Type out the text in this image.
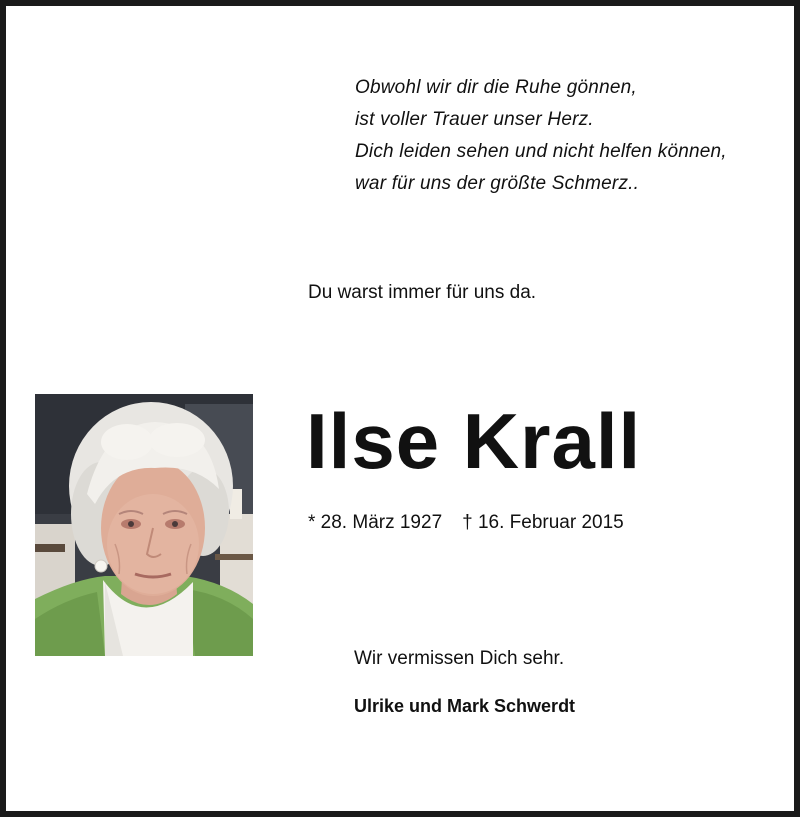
Obwohl wir dir die Ruhe gönnen,
ist voller Trauer unser Herz.
Dich leiden sehen und nicht helfen können,
war für uns der größte Schmerz..
Du warst immer für uns da.
Ilse Krall
* 28. März 1927 † 16. Februar 2015
Wir vermissen Dich sehr.
Ulrike und Mark Schwerdt
